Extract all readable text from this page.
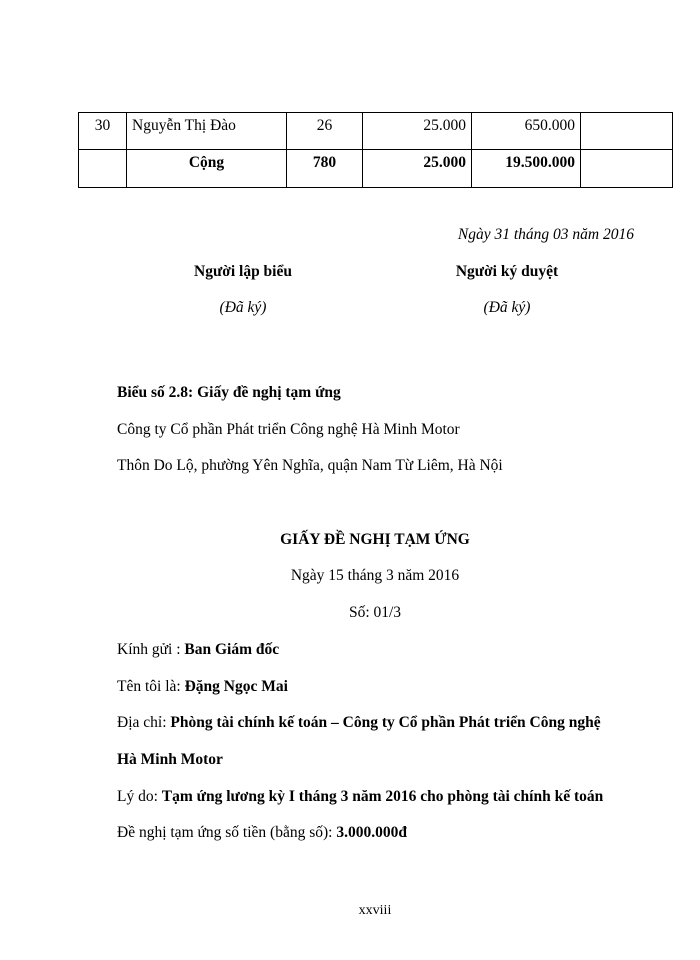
30	Nguyễn Thị Đào	26	25.000	650.000	
	Cộng	780	25.000	19.500.000	
Ngày 31 tháng 03 năm 2016
Người lập biểu
(Đã ký)
Người ký duyệt
(Đã ký)
Biểu số 2.8: Giấy đề nghị tạm ứng
Công ty Cổ phần Phát triển Công nghệ Hà Minh Motor
Thôn Do Lộ, phường Yên Nghĩa, quận Nam Từ Liêm, Hà Nội
GIẤY ĐỀ NGHỊ TẠM ỨNG
Ngày 15 tháng 3 năm 2016
Số: 01/3
Kính gửi : Ban Giám đốc
Tên tôi là: Đặng Ngọc Mai
Địa chỉ: Phòng tài chính kế toán – Công ty Cổ phần Phát triển Công nghệ
Hà Minh Motor
Lý do: Tạm ứng lương kỳ I tháng 3 năm 2016 cho phòng tài chính kế toán
Đề nghị tạm ứng số tiền (bằng số): 3.000.000đ
xxviii
